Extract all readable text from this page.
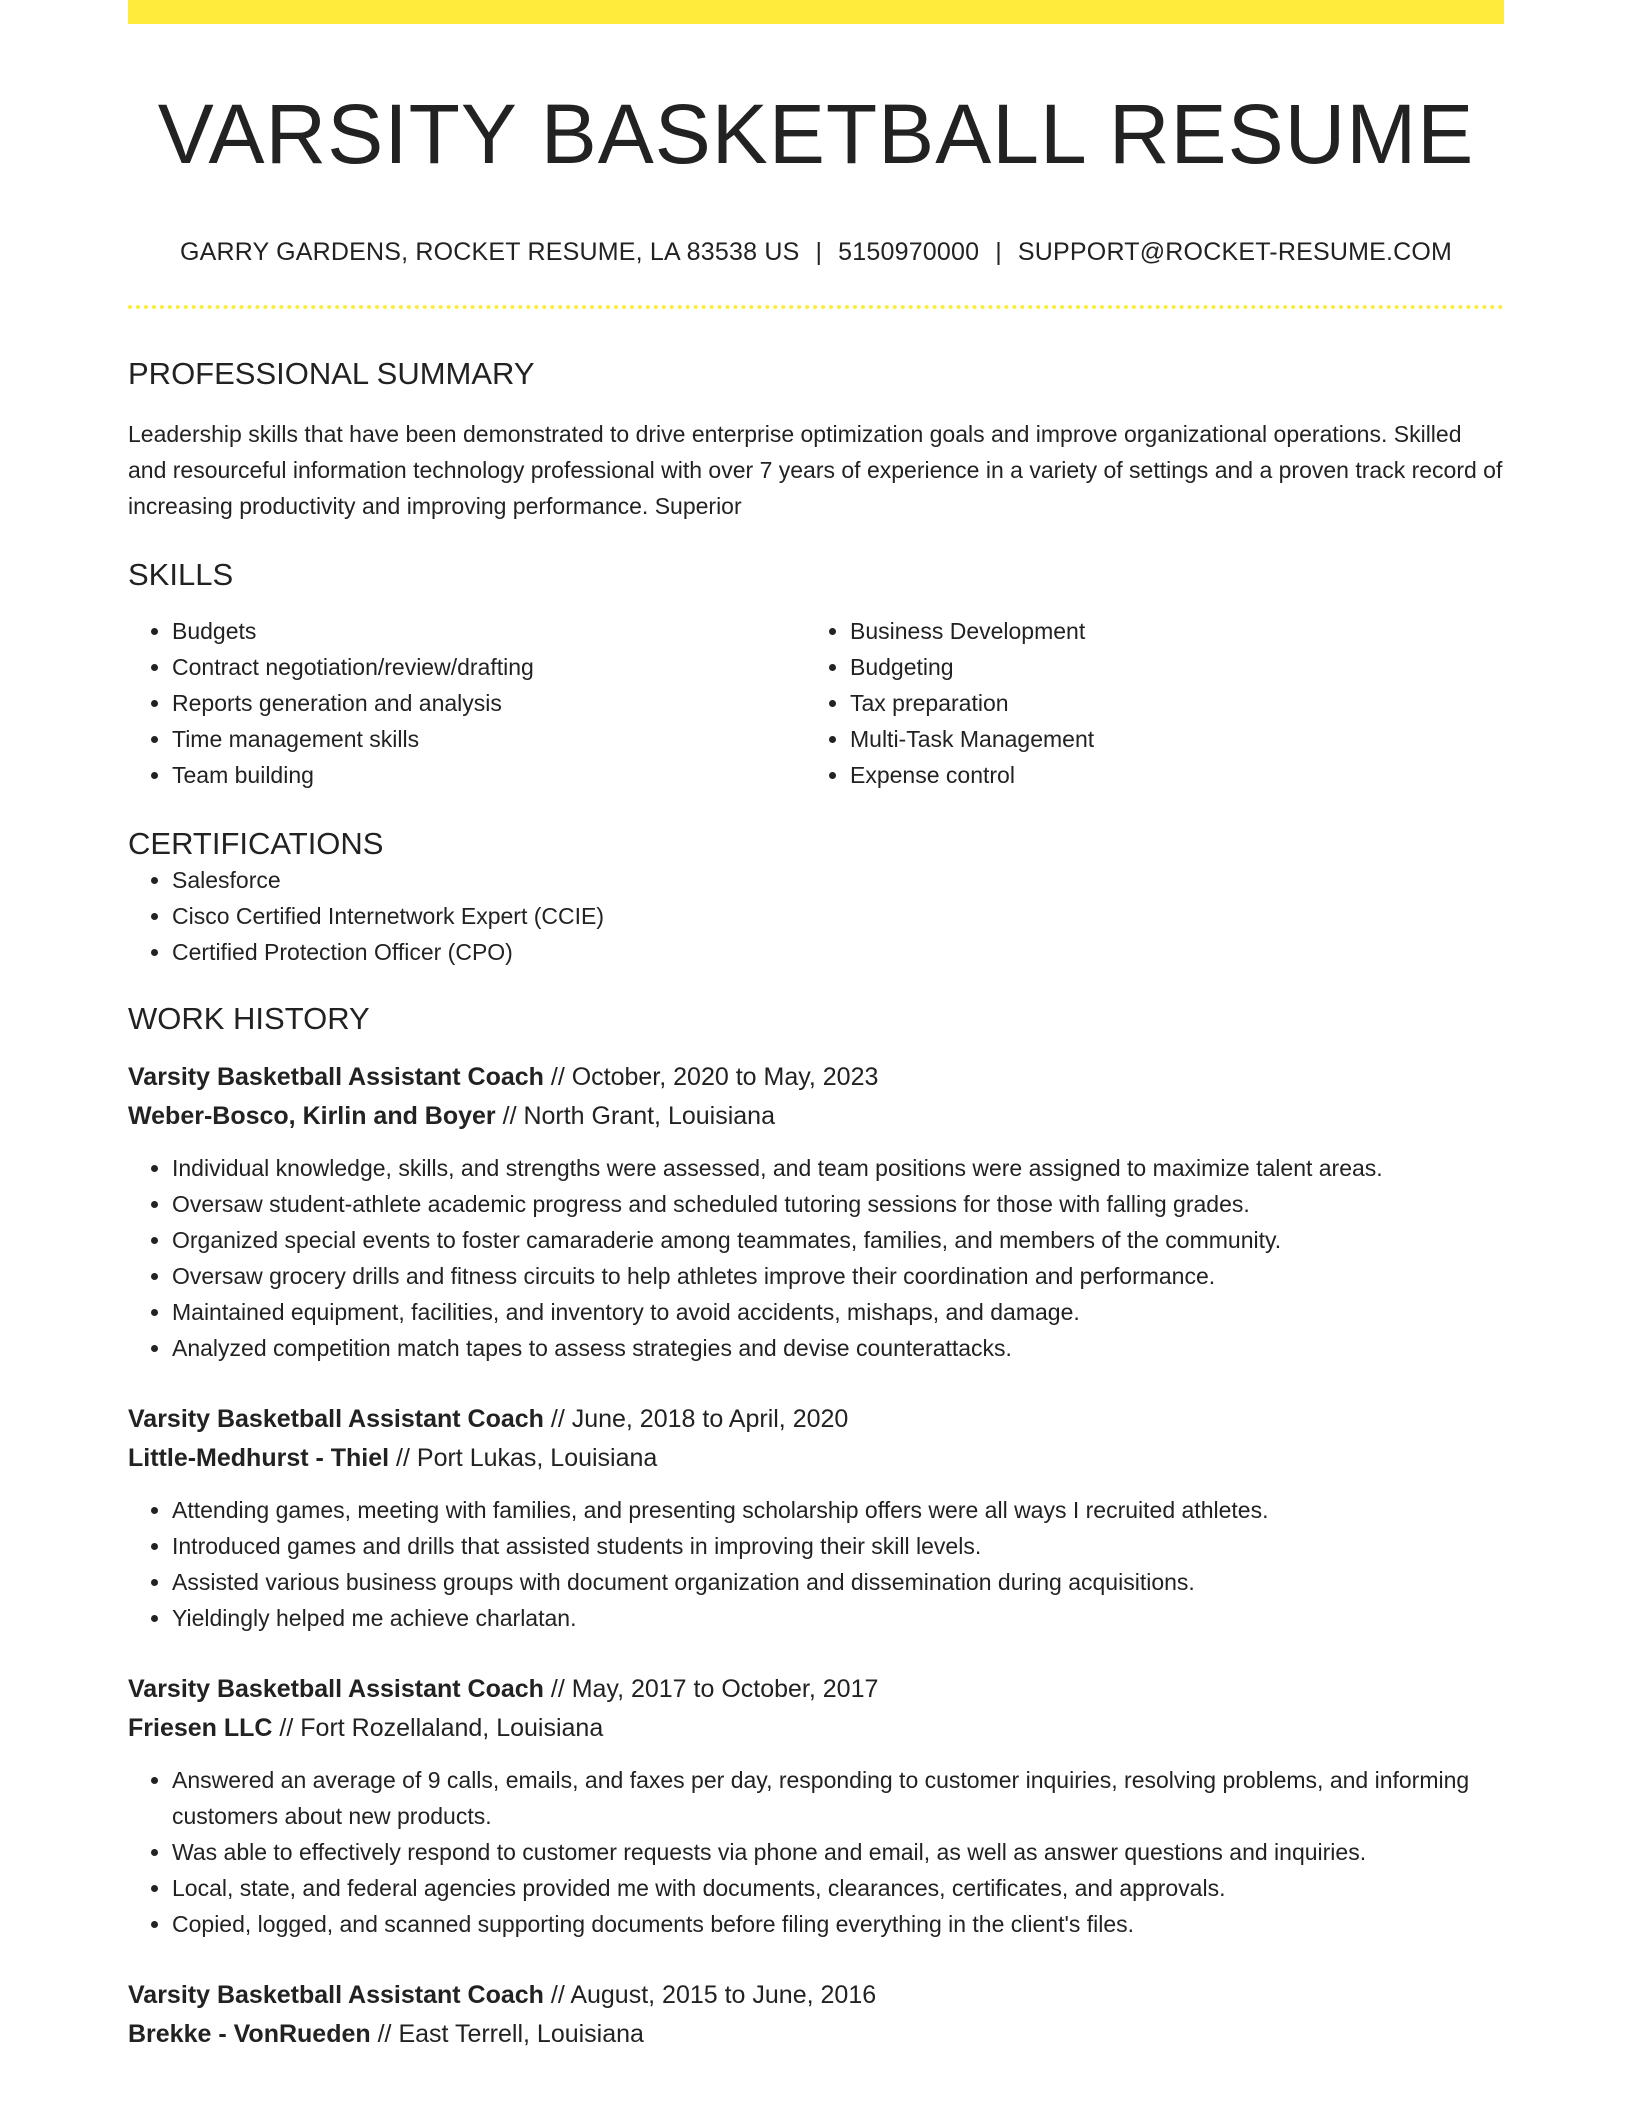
VARSITY BASKETBALL RESUME
GARRY GARDENS, ROCKET RESUME, LA 83538 US | 5150970000 | SUPPORT@ROCKET-RESUME.COM
PROFESSIONAL SUMMARY
Leadership skills that have been demonstrated to drive enterprise optimization goals and improve organizational operations. Skilled and resourceful information technology professional with over 7 years of experience in a variety of settings and a proven track record of increasing productivity and improving performance. Superior
SKILLS
• Budgets
• Contract negotiation/review/drafting
• Reports generation and analysis
• Time management skills
• Team building
• Business Development
• Budgeting
• Tax preparation
• Multi-Task Management
• Expense control
CERTIFICATIONS
• Salesforce
• Cisco Certified Internetwork Expert (CCIE)
• Certified Protection Officer (CPO)
WORK HISTORY
Varsity Basketball Assistant Coach // October, 2020 to May, 2023
Weber-Bosco, Kirlin and Boyer // North Grant, Louisiana
• Individual knowledge, skills, and strengths were assessed, and team positions were assigned to maximize talent areas.
• Oversaw student-athlete academic progress and scheduled tutoring sessions for those with falling grades.
• Organized special events to foster camaraderie among teammates, families, and members of the community.
• Oversaw grocery drills and fitness circuits to help athletes improve their coordination and performance.
• Maintained equipment, facilities, and inventory to avoid accidents, mishaps, and damage.
• Analyzed competition match tapes to assess strategies and devise counterattacks.
Varsity Basketball Assistant Coach // June, 2018 to April, 2020
Little-Medhurst - Thiel // Port Lukas, Louisiana
• Attending games, meeting with families, and presenting scholarship offers were all ways I recruited athletes.
• Introduced games and drills that assisted students in improving their skill levels.
• Assisted various business groups with document organization and dissemination during acquisitions.
• Yieldingly helped me achieve charlatan.
Varsity Basketball Assistant Coach // May, 2017 to October, 2017
Friesen LLC // Fort Rozellaland, Louisiana
• Answered an average of 9 calls, emails, and faxes per day, responding to customer inquiries, resolving problems, and informing customers about new products.
• Was able to effectively respond to customer requests via phone and email, as well as answer questions and inquiries.
• Local, state, and federal agencies provided me with documents, clearances, certificates, and approvals.
• Copied, logged, and scanned supporting documents before filing everything in the client's files.
Varsity Basketball Assistant Coach // August, 2015 to June, 2016
Brekke - VonRueden // East Terrell, Louisiana
